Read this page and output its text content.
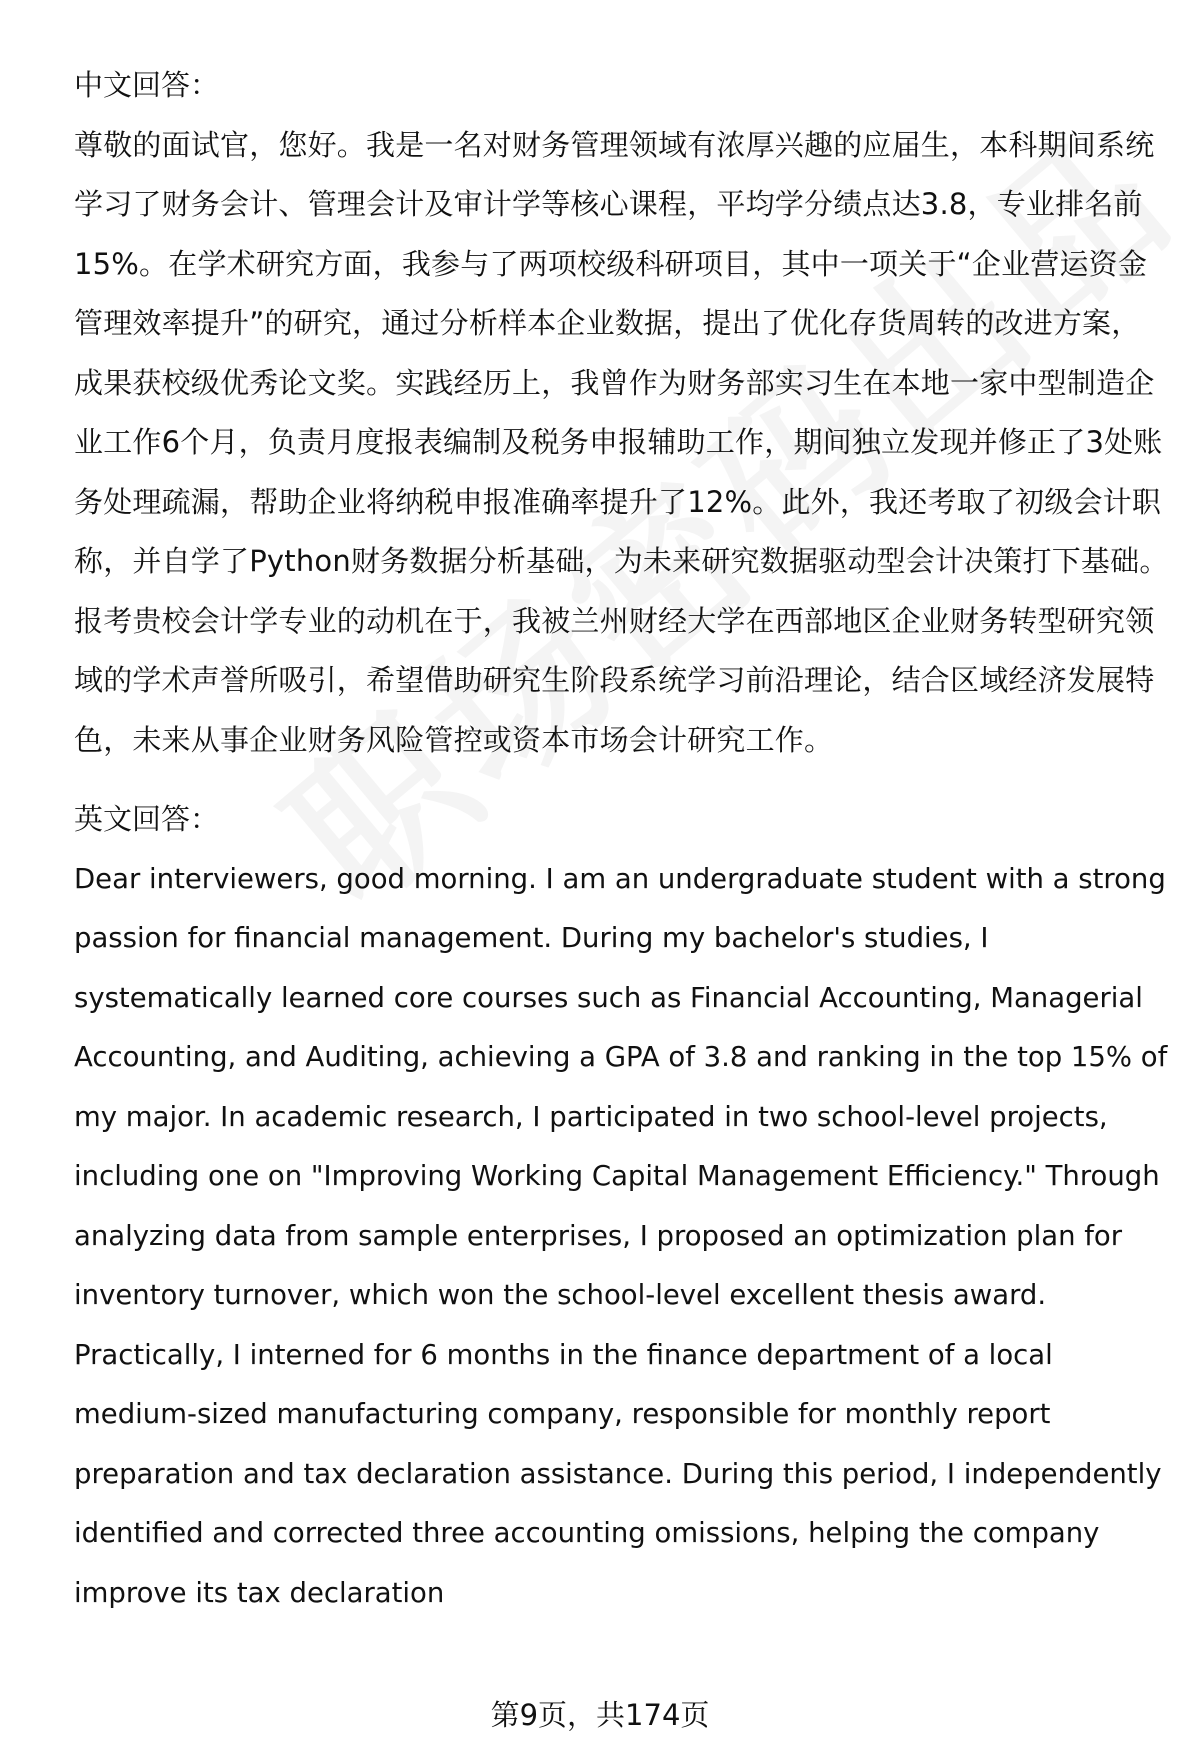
中文回答：

尊敬的面试官，您好。我是一名对财务管理领域有浓厚兴趣的应届生，本科期间系统学习了财务会计、管理会计及审计学等核心课程，平均学分绩点达3.8，专业排名前15%。在学术研究方面，我参与了两项校级科研项目，其中一项关于“企业营运资金管理效率提升”的研究，通过分析样本企业数据，提出了优化存货周转的改进方案，成果获校级优秀论文奖。实践经历上，我曾作为财务部实习生在本地一家中型制造企业工作6个月，负责月度报表编制及税务申报辅助工作，期间独立发现并修正了3处账务处理疏漏，帮助企业将纳税申报准确率提升了12%。此外，我还考取了初级会计职称，并自学了Python财务数据分析基础，为未来研究数据驱动型会计决策打下基础。报考贵校会计学专业的动机在于，我被兰州财经大学在西部地区企业财务转型研究领域的学术声誉所吸引，希望借助研究生阶段系统学习前沿理论，结合区域经济发展特色，未来从事企业财务风险管控或资本市场会计研究工作。

英文回答：

Dear interviewers, good morning. I am an undergraduate student with a strong passion for financial management. During my bachelor's studies, I systematically learned core courses such as Financial Accounting, Managerial Accounting, and Auditing, achieving a GPA of 3.8 and ranking in the top 15% of my major. In academic research, I participated in two school-level projects, including one on "Improving Working Capital Management Efficiency." Through analyzing data from sample enterprises, I proposed an optimization plan for inventory turnover, which won the school-level excellent thesis award. Practically, I interned for 6 months in the finance department of a local medium-sized manufacturing company, responsible for monthly report preparation and tax declaration assistance. During this period, I independently identified and corrected three accounting omissions, helping the company improve its tax declaration

第9页，共174页
